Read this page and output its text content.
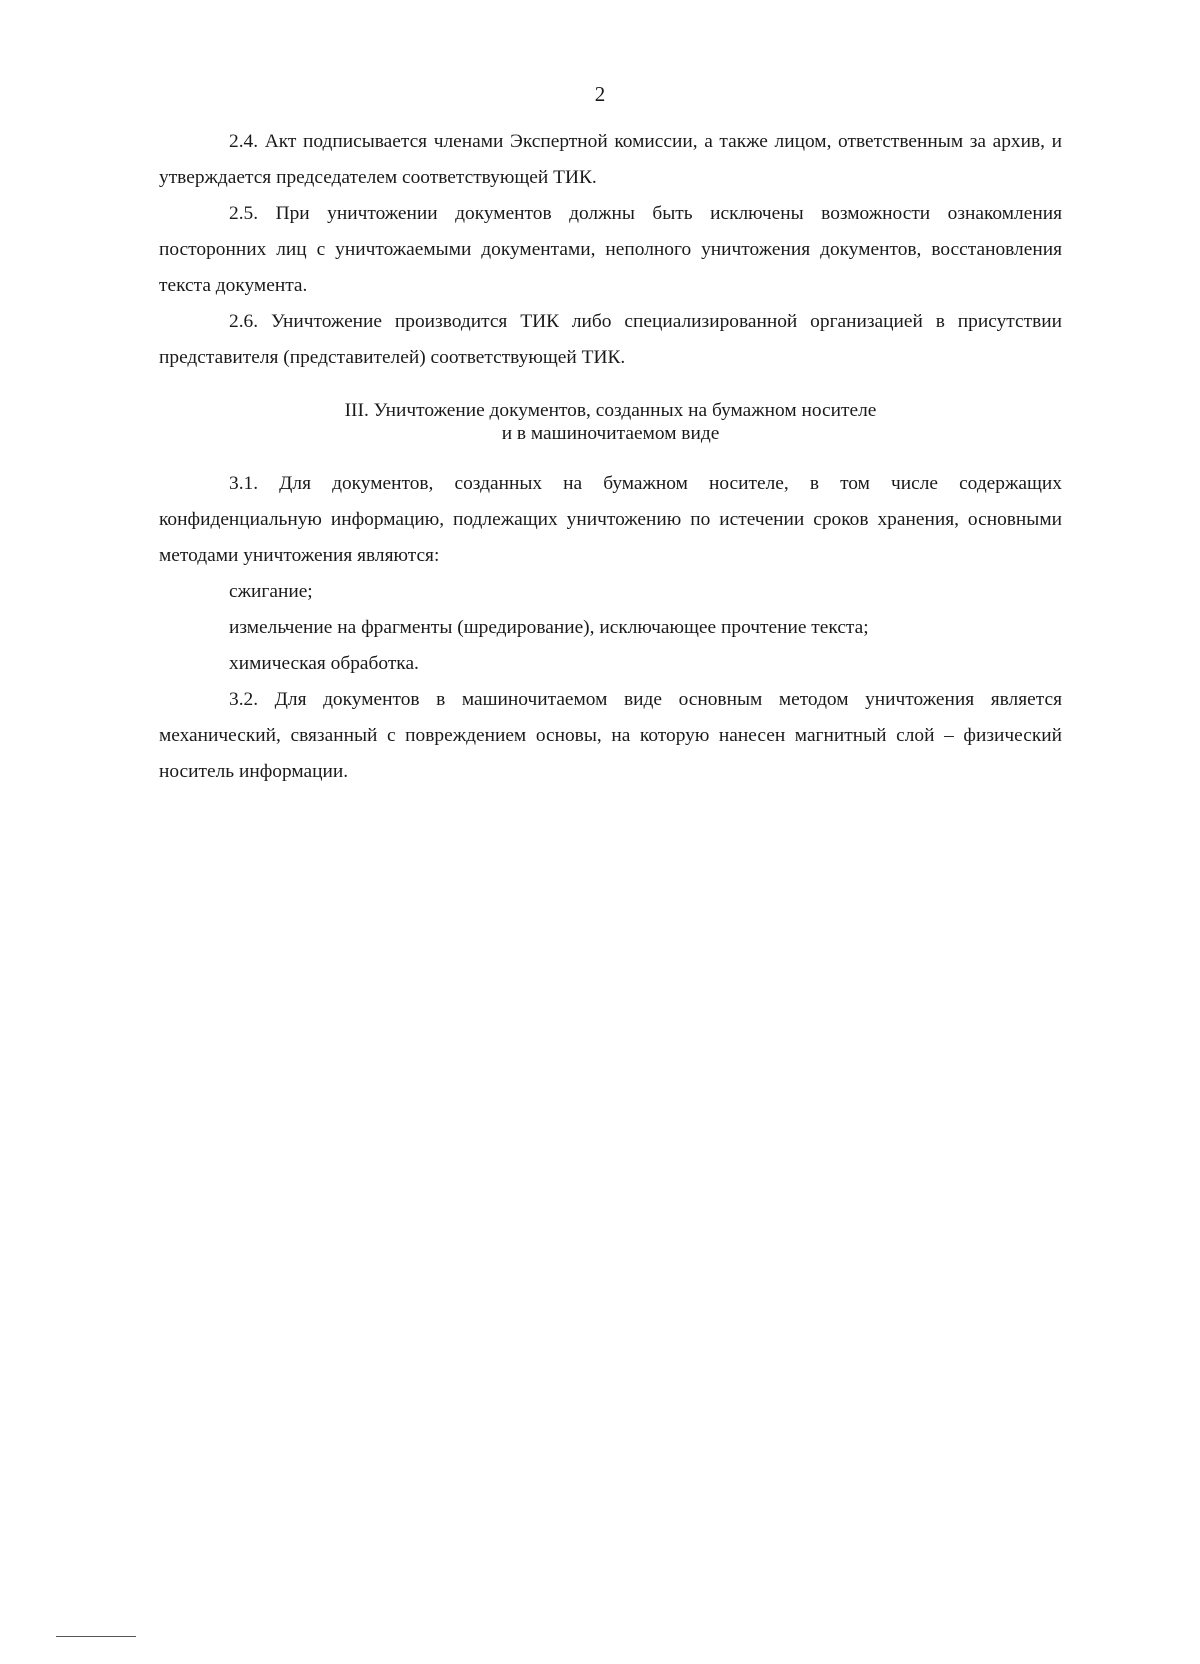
2

2.4. Акт подписывается членами Экспертной комиссии, а также лицом, ответственным за архив, и утверждается председателем соответствующей ТИК.

2.5. При уничтожении документов должны быть исключены возможности ознакомления посторонних лиц с уничтожаемыми документами, неполного уничтожения документов, восстановления текста документа.

2.6. Уничтожение производится ТИК либо специализированной организацией в присутствии представителя (представителей) соответствующей ТИК.

III. Уничтожение документов, созданных на бумажном носителе
и в машиночитаемом виде

3.1. Для документов, созданных на бумажном носителе, в том числе содержащих конфиденциальную информацию, подлежащих уничтожению по истечении сроков хранения, основными методами уничтожения являются:

сжигание;

измельчение на фрагменты (шредирование), исключающее прочтение текста;

химическая обработка.

3.2. Для документов в машиночитаемом виде основным методом уничтожения является механический, связанный с повреждением основы, на которую нанесен магнитный слой – физический носитель информации.
